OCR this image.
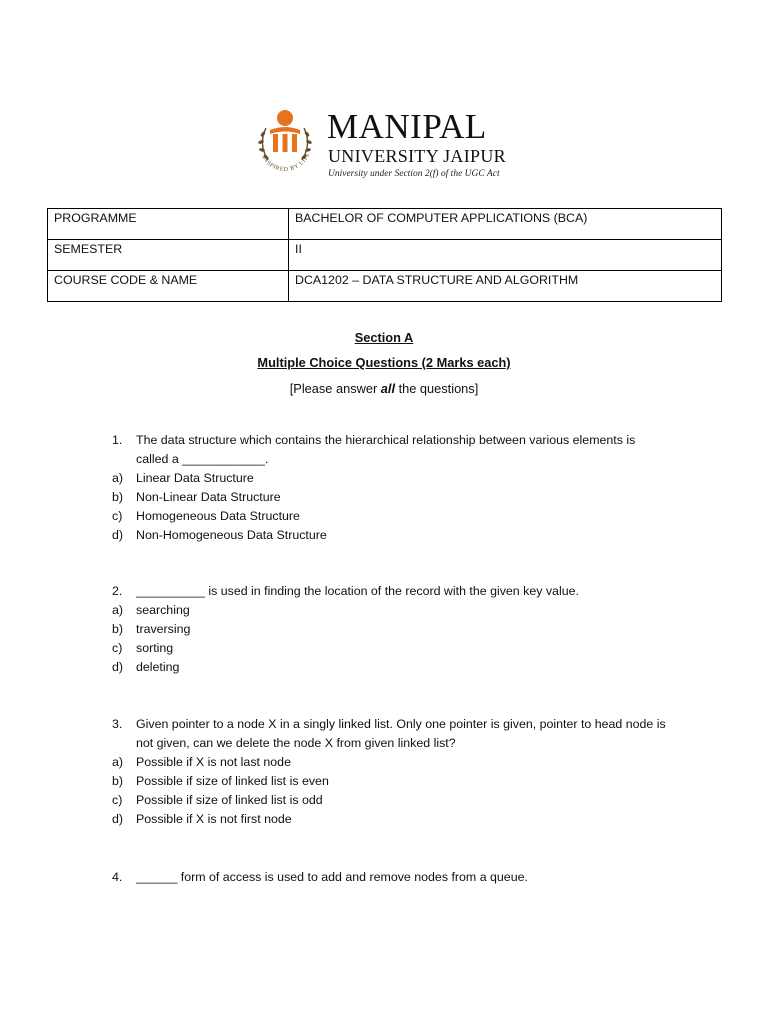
INSPIRED BY LIFE
MANIPAL
UNIVERSITY JAIPUR
University under Section 2(f) of the UGC Act
PROGRAMME	BACHELOR OF COMPUTER APPLICATIONS (BCA)
SEMESTER	II
COURSE CODE & NAME	DCA1202 – DATA STRUCTURE AND ALGORITHM
Section A
Multiple Choice Questions (2 Marks each)
[Please answer all the questions]
1.	The data structure which contains the hierarchical relationship between various elements is
called a ____________.
a)	Linear Data Structure
b)	Non-Linear Data Structure
c)	Homogeneous Data Structure
d)	Non-Homogeneous Data Structure
2.	__________ is used in finding the location of the record with the given key value.
a)	searching
b)	traversing
c)	sorting
d)	deleting
3.	Given pointer to a node X in a singly linked list. Only one pointer is given, pointer to head node is
not given, can we delete the node X from given linked list?
a)	Possible if X is not last node
b)	Possible if size of linked list is even
c)	Possible if size of linked list is odd
d)	Possible if X is not first node
4.	______ form of access is used to add and remove nodes from a queue.
